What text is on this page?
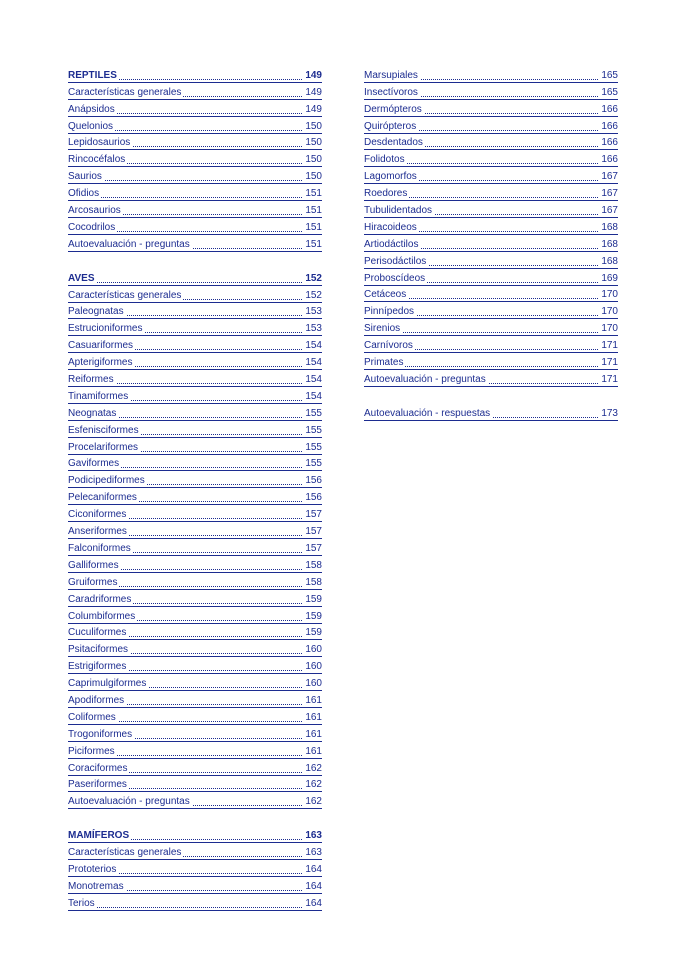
REPTILES	149
Características generales	149
Anápsidos	149
Quelonios	150
Lepidosaurios	150
Rincocéfalos	150
Saurios	150
Ofidios	151
Arcosaurios	151
Cocodrilos	151
Autoevaluación - preguntas	151
AVES	152
Características generales	152
Paleognatas	153
Estrucioniformes	153
Casuariformes	154
Apterigiformes	154
Reiformes	154
Tinamiformes	154
Neognatas	155
Esfenisciformes	155
Procelariformes	155
Gaviformes	155
Podicipediformes	156
Pelecaniformes	156
Ciconiformes	157
Anseriformes	157
Falconiformes	157
Galliformes	158
Gruiformes	158
Caradriformes	159
Columbiformes	159
Cuculiformes	159
Psitaciformes	160
Estrigiformes	160
Caprimulgiformes	160
Apodiformes	161
Coliformes	161
Trogoniformes	161
Piciformes	161
Coraciformes	162
Paseriformes	162
Autoevaluación - preguntas	162
MAMÍFEROS	163
Características generales	163
Prototerios	164
Monotremas	164
Terios	164
Marsupiales	165
Insectívoros	165
Dermópteros	166
Quirópteros	166
Desdentados	166
Folidotos	166
Lagomorfos	167
Roedores	167
Tubulidentados	167
Hiracoideos	168
Artiodáctilos	168
Perisodáctilos	168
Proboscídeos	169
Cetáceos	170
Pinnípedos	170
Sirenios	170
Carnívoros	171
Primates	171
Autoevaluación - preguntas	171
Autoevaluación - respuestas	173
